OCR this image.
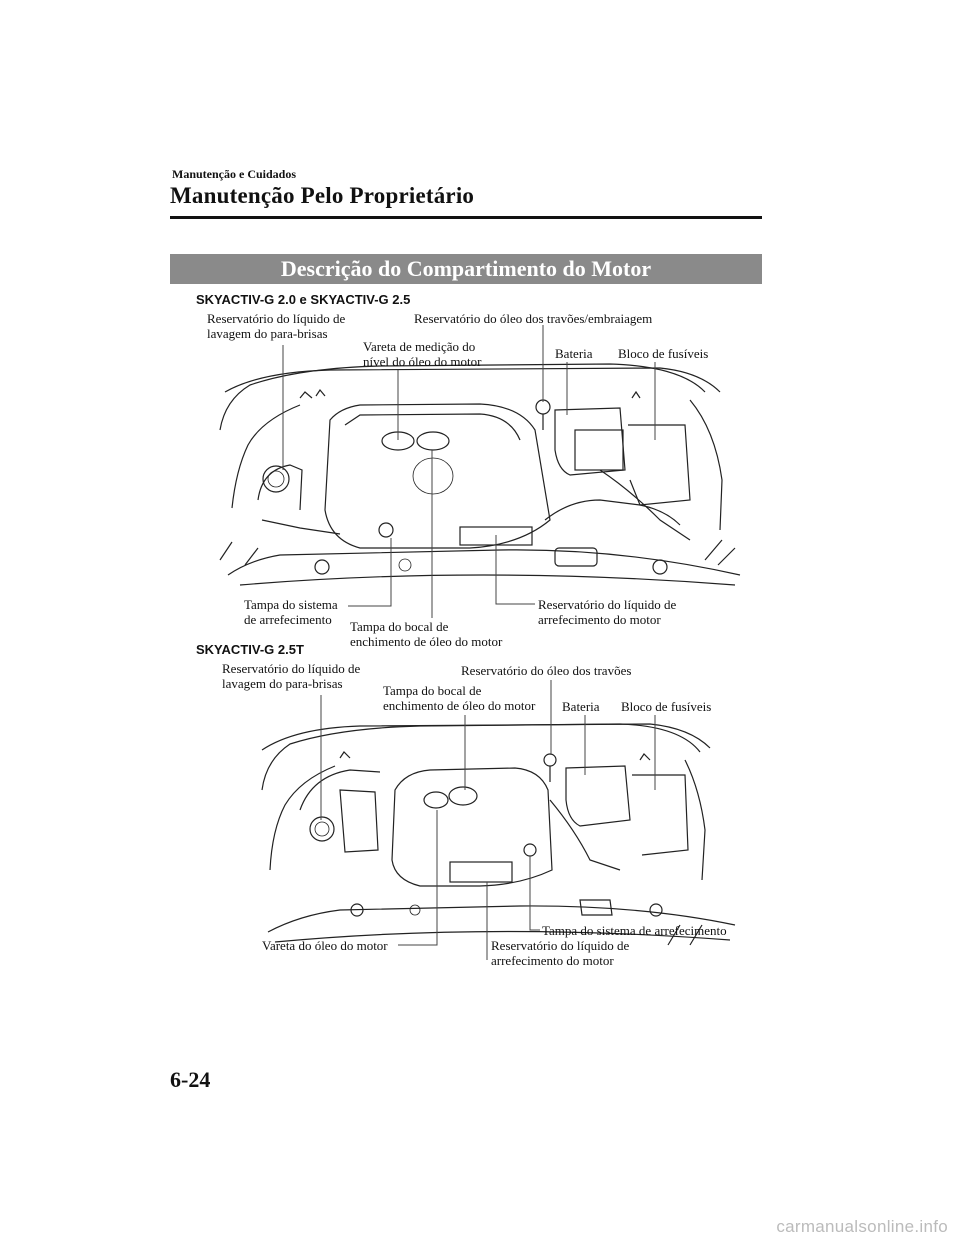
Manutenção e Cuidados
Manutenção Pelo Proprietário
Descrição do Compartimento do Motor
SKYACTIV-G 2.0 e SKYACTIV-G 2.5
Reservatório do líquido de
lavagem do para-brisas
Reservatório do óleo dos travões/embraiagem
Vareta de medição do
nível do óleo do motor
Bateria Bloco de fusíveis
Tampa do sistema
de arrefecimento	Tampa do bocal de
enchimento de óleo do motor
Reservatório do líquido de
arrefecimento do motor
SKYACTIV-G 2.5T
Reservatório do líquido de
lavagem do para-brisas
Reservatório do óleo dos travões
Tampa do bocal de
enchimento de óleo do motor Bateria Bloco de fusíveis
Tampa do sistema de arrefecimento
Vareta do óleo do motor	Reservatório do líquido de
arrefecimento do motor
6-24
carmanualsonline.info
